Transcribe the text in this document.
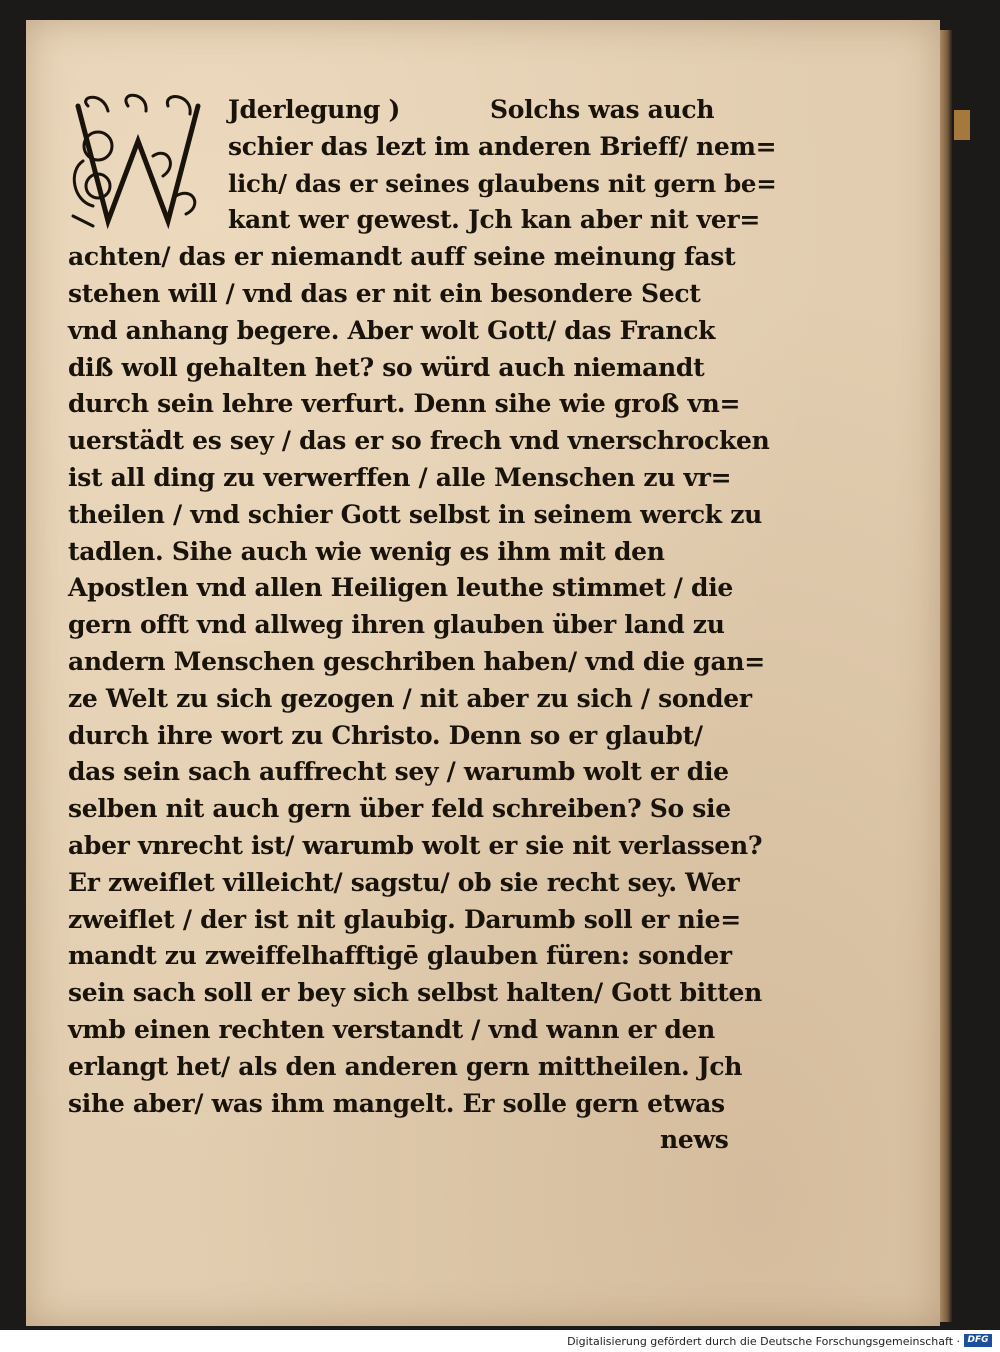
Jderlegung )	Solchs was auch
schier das lezt im anderen Brieff/ nem=
lich/ das er seines glaubens nit gern be=
kant wer gewest. Jch kan aber nit ver=
achten/ das er niemandt auff seine meinung fast
stehen will / vnd das er nit ein besondere Sect
vnd anhang begere. Aber wolt Gott/ das Franck
diß woll gehalten het? so würd auch niemandt
durch sein lehre verfurt. Denn sihe wie groß vn=
uerstädt es sey / das er so frech vnd vnerschrocken
ist all ding zu verwerffen / alle Menschen zu vr=
theilen / vnd schier Gott selbst in seinem werck zu
tadlen. Sihe auch wie wenig es ihm mit den
Apostlen vnd allen Heiligen leuthe stimmet / die
gern offt vnd allweg ihren glauben über land zu
andern Menschen geschriben haben/ vnd die gan=
ze Welt zu sich gezogen / nit aber zu sich / sonder
durch ihre wort zu Christo. Denn so er glaubt/
das sein sach auffrecht sey / warumb wolt er die
selben nit auch gern über feld schreiben? So sie
aber vnrecht ist/ warumb wolt er sie nit verlassen?
Er zweiflet villeicht/ sagstu/ ob sie recht sey. Wer
zweiflet / der ist nit glaubig. Darumb soll er nie=
mandt zu zweiffelhafftigē glauben füren: sonder
sein sach soll er bey sich selbst halten/ Gott bitten
vmb einen rechten verstandt / vnd wann er den
erlangt het/ als den anderen gern mittheilen. Jch
sihe aber/ was ihm mangelt. Er solle gern etwas
news
Digitalisierung gefördert durch die Deutsche Forschungsgemeinschaft · DFG
